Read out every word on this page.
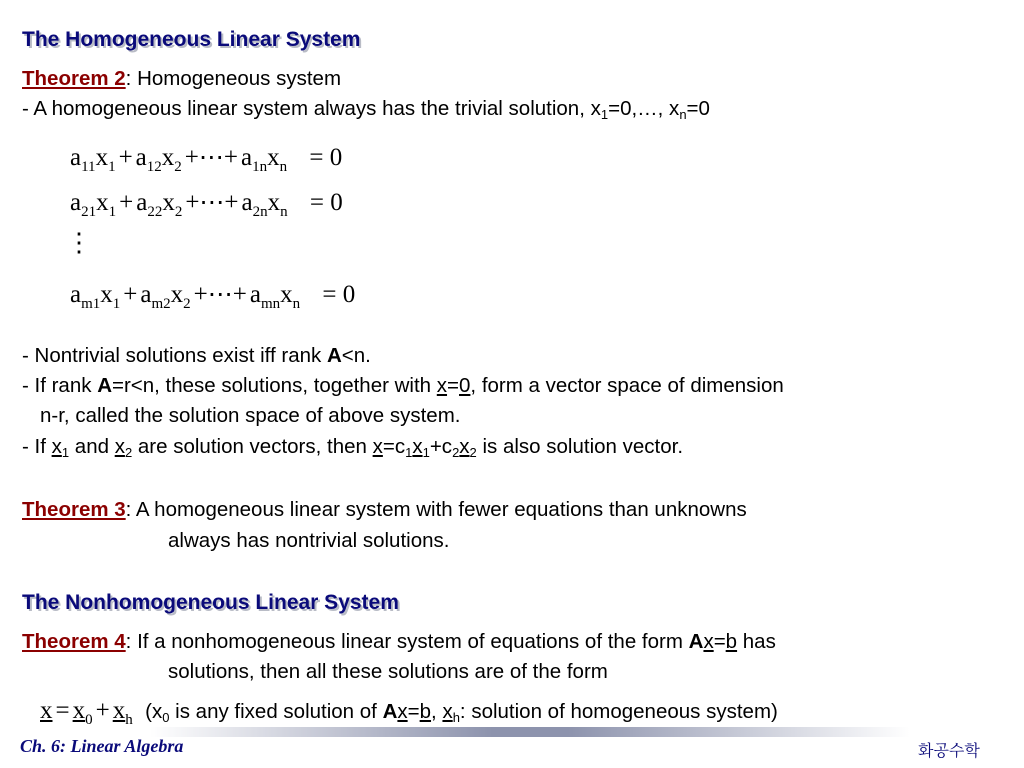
The Homogeneous Linear System
Theorem 2: Homogeneous system
- A homogeneous linear system always has the trivial solution, $x_1=0,\dots$, $x_n=0$
$a_{11}x_1 + a_{12}x_2$ +⋯+ $a_{1n}x_n = 0$
$a_{21}x_1 + a_{22}x_2$ +⋯+ $a_{2n}x_n = 0$
⋮
$a_{m1}x_1 + a_{m2}x_2$ +⋯+ $a_{mn}x_n = 0$
- Nontrivial solutions exist iff rank A<n.
- If rank A=r<n, these solutions, together with x=0, form a vector space of dimension
n-r, called the solution space of above system.
- If $x_1$ and $x_2$ are solution vectors, then $x=c_1x_1+c_2x_2$ is also solution vector.
Theorem 3: A homogeneous linear system with fewer equations than unknowns
always has nontrivial solutions.
The Nonhomogeneous Linear System
Theorem 4: If a nonhomogeneous linear system of equations of the form Ax=b has
solutions, then all these solutions are of the form
$x = x_0 + x_h$ ($x_0$ is any fixed solution of Ax=b, $x_h$: solution of homogeneous system)
Ch. 6: Linear Algebra	화공수학
